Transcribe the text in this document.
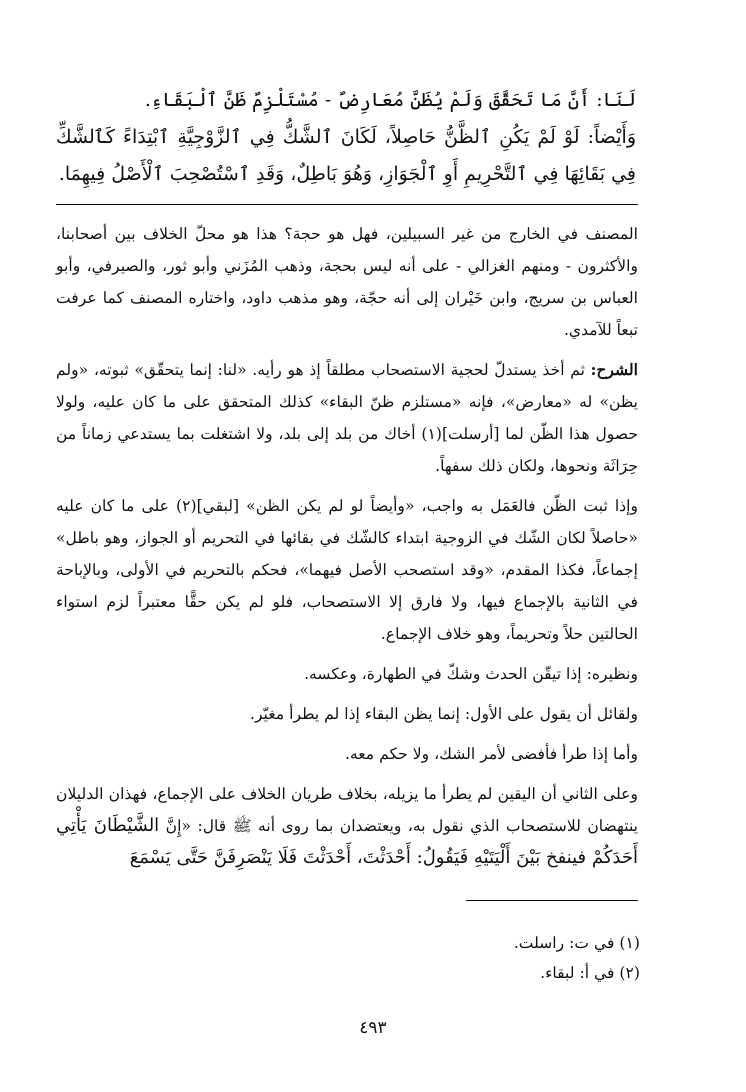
لَنَا: أَنَّ مَا تَحَقَّقَ وَلَمْ يُظَنَّ مُعَارِضٌ - مُسْتَلْزِمٌ ظَنَّ ٱلْبَقَاءِ.

وَأَيْضاً: لَوْ لَمْ يَكُنِ ٱلظَّنُّ حَاصِلاً، لَكَانَ ٱلشَّكُّ فِي ٱلزَّوْجِيَّةِ ٱبْتِدَاءً كَٱلشَّكِّ فِي بَقَائِهَا فِي ٱلتَّحْرِيمِ أَوِ ٱلْجَوَازِ، وَهُوَ بَاطِلٌ، وَقَدِ ٱسْتُصْحِبَ ٱلْأَصْلُ فِيهِمَا.

المصنف في الخارج من غير السبيلين، فهل هو حجة؟ هذا هو محلّ الخلاف بين أصحابنا، والأكثرون - ومنهم الغزالي - على أنه ليس بحجة، وذهب المُزَني وأبو ثور، والصيرفي، وأبو العباس بن سريج، وابن خَيْران إلى أنه حجّة، وهو مذهب داود، واختاره المصنف كما عرفت تبعاً للآمدي.

الشرح: ثم أخذ يستدلّ لحجية الاستصحاب مطلقاً إذ هو رأيه. «لنا: إنما يتحقّق» ثبوته، «ولم يظن» له «معارض»، فإنه «مستلزم ظنّ البقاء» كذلك المتحقق على ما كان عليه، ولولا حصول هذا الظّن لما [أرسلت](١) أخاك من بلد إلى بلد، ولا اشتغلت بما يستدعي زماناً من حِرَاثَة ونحوها، ولكان ذلك سفهاً.

وإذا ثبت الظّن فالعَمَل به واجب، «وأيضاً لو لم يكن الظن» [لبقي](٢) على ما كان عليه «حاصلاً لكان الشّك في الزوجية ابتداء كالشّك في بقائها في التحريم أو الجواز، وهو باطل» إجماعاً، فكذا المقدم، «وقد استصحب الأصل فيهما»، فحكم بالتحريم في الأولى، وبالإباحة في الثانية بالإجماع فيها، ولا فارق إلا الاستصحاب، فلو لم يكن حقًّا معتبراً لزم استواء الحالتين حلاً وتحريماً، وهو خلاف الإجماع.

ونظيره: إذا تيقّن الحدث وشكّ في الطهارة، وعكسه.

ولقائل أن يقول على الأول: إنما يظن البقاء إذا لم يطرأ مغيّر.

وأما إذا طرأ فأفضى لأمر الشك، ولا حكم معه.

وعلى الثاني أن اليقين لم يطرأ ما يزيله، بخلاف طريان الخلاف على الإجماع، فهذان الدليلان ينتهضان للاستصحاب الذي نقول به، ويعتضدان بما روى أنه ﷺ قال: «إِنَّ الشَّيْطَانَ يَأْتِي أَحَدَكُمْ فينفخ بَيْنَ أَلْيَتَيْهِ فَيَقُولُ: أَحْدَثْتَ، أَحْدَثْتَ فَلَا يَنْصَرِفَنَّ حَتَّى يَسْمَعَ

(١) في ت: راسلت.
(٢) في أ: لبقاء.
٤٩٣
